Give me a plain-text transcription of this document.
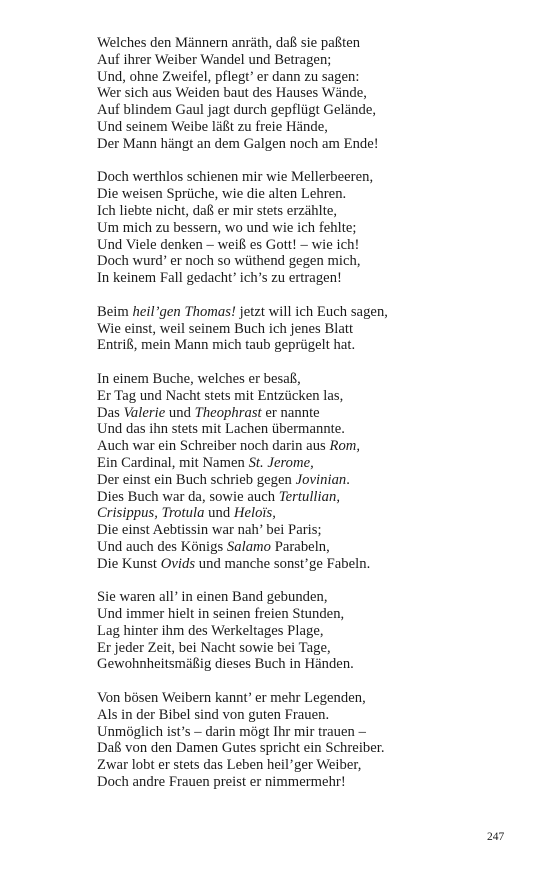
Welches den Männern anräth, daß sie paßten
Auf ihrer Weiber Wandel und Betragen;
Und, ohne Zweifel, pflegt’ er dann zu sagen:
Wer sich aus Weiden baut des Hauses Wände,
Auf blindem Gaul jagt durch gepflügt Gelände,
Und seinem Weibe läßt zu freie Hände,
Der Mann hängt an dem Galgen noch am Ende!
Doch werthlos schienen mir wie Mellerbeeren,
Die weisen Sprüche, wie die alten Lehren.
Ich liebte nicht, daß er mir stets erzählte,
Um mich zu bessern, wo und wie ich fehlte;
Und Viele denken – weiß es Gott! – wie ich!
Doch wurd’ er noch so wüthend gegen mich,
In keinem Fall gedacht’ ich’s zu ertragen!
Beim heil’gen Thomas! jetzt will ich Euch sagen,
Wie einst, weil seinem Buch ich jenes Blatt
Entriß, mein Mann mich taub geprügelt hat.
In einem Buche, welches er besaß,
Er Tag und Nacht stets mit Entzücken las,
Das Valerie und Theophrast er nannte
Und das ihn stets mit Lachen übermannte.
Auch war ein Schreiber noch darin aus Rom,
Ein Cardinal, mit Namen St. Jerome,
Der einst ein Buch schrieb gegen Jovinian.
Dies Buch war da, sowie auch Tertullian,
Crisippus, Trotula und Heloïs,
Die einst Aebtissin war nah’ bei Paris;
Und auch des Königs Salamo Parabeln,
Die Kunst Ovids und manche sonst’ge Fabeln.
Sie waren all’ in einen Band gebunden,
Und immer hielt in seinen freien Stunden,
Lag hinter ihm des Werkeltages Plage,
Er jeder Zeit, bei Nacht sowie bei Tage,
Gewohnheitsmäßig dieses Buch in Händen.
Von bösen Weibern kannt’ er mehr Legenden,
Als in der Bibel sind von guten Frauen.
Unmöglich ist’s – darin mögt Ihr mir trauen –
Daß von den Damen Gutes spricht ein Schreiber.
Zwar lobt er stets das Leben heil’ger Weiber,
Doch andre Frauen preist er nimmermehr!
247
